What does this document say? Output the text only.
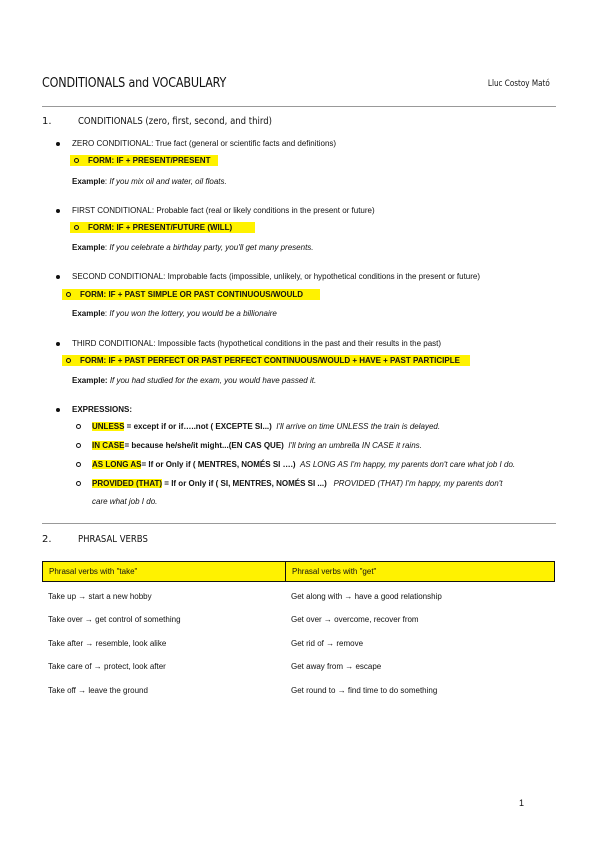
CONDITIONALS and VOCABULARY	Lluc Costoy Mató
1.	CONDITIONALS (zero, first, second, and third)
ZERO CONDITIONAL: True fact (general or scientific facts and definitions)
FORM: IF + PRESENT/PRESENT
Example: If you mix oil and water, oil floats.
FIRST CONDITIONAL: Probable fact (real or likely conditions in the present or future)
FORM: IF + PRESENT/FUTURE (WILL)
Example: If you celebrate a birthday party, you'll get many presents.
SECOND CONDITIONAL: Improbable facts (impossible, unlikely, or hypothetical conditions in the present or future)
FORM: IF + PAST SIMPLE OR PAST CONTINUOUS/WOULD
Example: If you won the lottery, you would be a billionaire
THIRD CONDITIONAL: Impossible facts (hypothetical conditions in the past and their results in the past)
FORM: IF + PAST PERFECT OR PAST PERFECT CONTINUOUS/WOULD + HAVE + PAST PARTICIPLE
Example: If you had studied for the exam, you would have passed it.
EXPRESSIONS:
UNLESS = except if or if…..not ( EXCEPTE SI...) I'll arrive on time UNLESS the train is delayed.
IN CASE= because he/she/it might...(EN CAS QUE) I'll bring an umbrella IN CASE it rains.
AS LONG AS= If or Only if ( MENTRES, NOMÉS SI ….) AS LONG AS I'm happy, my parents don't care what job I do.
PROVIDED (THAT) = If or Only if ( SI, MENTRES, NOMÉS SI ...) PROVIDED (THAT) I'm happy, my parents don't
care what job I do.
2.	PHRASAL VERBS
Phrasal verbs with "take"	Phrasal verbs with "get"
Take up → start a new hobby	Get along with → have a good relationship
Take over → get control of something	Get over → overcome, recover from
Take after → resemble, look alike	Get rid of → remove
Take care of → protect, look after	Get away from → escape
Take off → leave the ground	Get round to → find time to do something
1
